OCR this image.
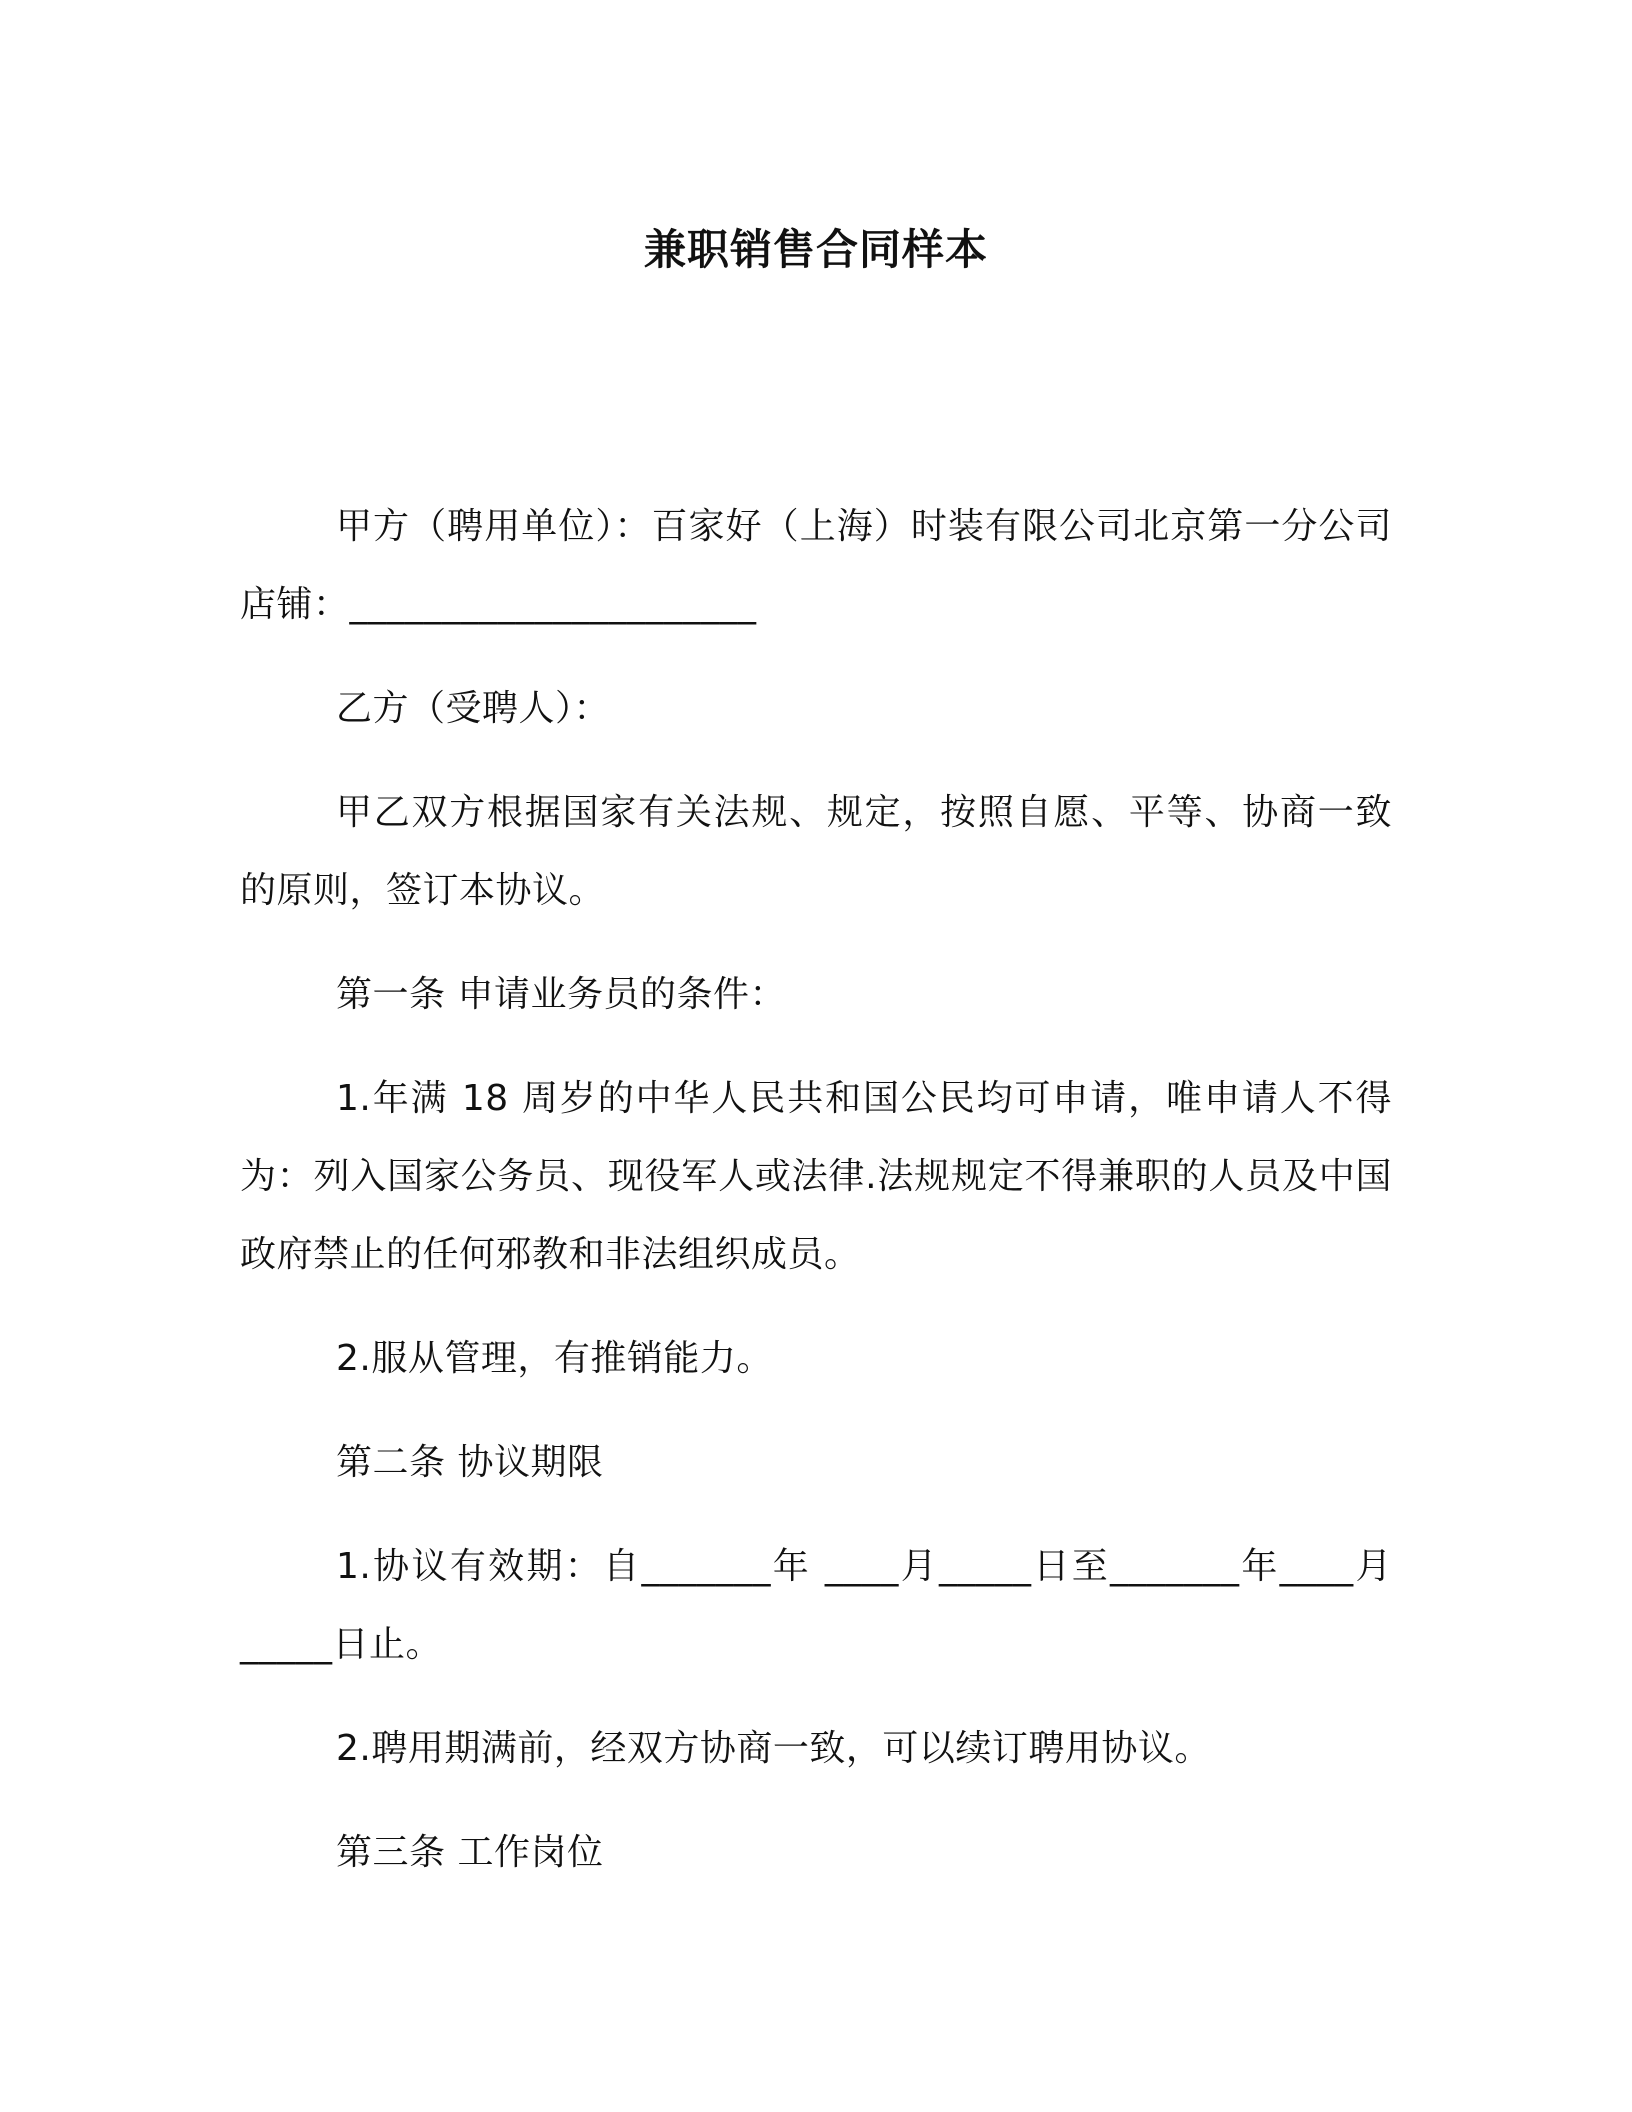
兼职销售合同样本

甲方（聘用单位）：百家好（上海）时装有限公司北京第一分公司 店铺：______________________

乙方（受聘人）：

甲乙双方根据国家有关法规、规定，按照自愿、平等、协商一致的原则，签订本协议。

第一条 申请业务员的条件：

1.年满 18 周岁的中华人民共和国公民均可申请，唯申请人不得为：列入国家公务员、现役军人或法律.法规规定不得兼职的人员及中国政府禁止的任何邪教和非法组织成员。

2.服从管理，有推销能力。

第二条 协议期限

1.协议有效期：自_______年 ____月_____日至_______年____月_____日止。

2.聘用期满前，经双方协商一致，可以续订聘用协议。

第三条 工作岗位
